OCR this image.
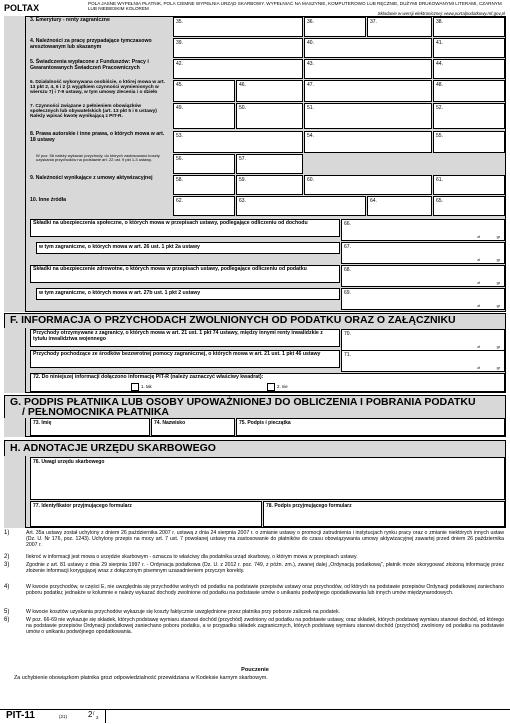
POLTAX	POLA JASNE WYPEŁNIA PŁATNIK, POLA CIEMNE WYPEŁNIA URZĄD SKARBOWY. WYPEŁNIAĆ NA MASZYNIE, KOMPUTEROWO LUB RĘCZNIE, DUŻYMI DRUKOWANYMI LITERAMI, CZARNYM LUB NIEBIESKIM KOLOREM
Składanie w wersji elektronicznej: www.portalpodatkowy.mf.gov.pl
3. Emerytury - renty zagraniczne	35.	36.	37.	38.
4. Należności za pracę przypadające tymczasowo aresztowanym lub skazanym
39.	40.	41.
5. Świadczenia wypłacone z Funduszów: Pracy i Gwarantowanych Świadczeń Pracowniczych
42.	43.	44.
6. Działalność wykonywana osobiście, o której mowa w art. 13 pkt 2, 4, 6 i 2 (z wyjątkiem czynności wymienionych w wierszu 7) i 7-9 ustawy, w tym umowy zlecenia i o dzieło
45.	46.	47.	48.
7. Czynności związane z pełnieniem obowiązków społecznych lub obywatelskich (art. 13 pkt 5 i 6 ustawy) Należy wpisać kwotę wynikającą z PIT-R.
49.	50.	51.	52.
8. Prawa autorskie i inne prawa, o których mowa w art. 18 ustawy
W poz. 56 należy wykazać przychody, do których zastosowano koszty uzyskania przychodów na podstawie art. 22 ust. 9 pkt 1-3 ustawy.
53.	54.	55.
56.	57.
9. Należności wynikające z umowy aktywizacyjnej	58.	59.	60.	61.
10. Inne źródła	62.	63.	64.	65.
Składki na ubezpieczenia społeczne, o których mowa w przepisach ustawy, podlegające odliczeniu od dochodu	66.
zł	gr
w tym zagraniczne, o których mowa w art. 26 ust. 1 pkt 2a ustawy	67.
zł	gr
Składki na ubezpieczenie zdrowotne, o których mowa w przepisach ustawy, podlegające odliczeniu od podatku	68.
zł	gr
w tym zagraniczne, o których mowa w art. 27b ust. 1 pkt 2 ustawy	69.
zł	gr
F. INFORMACJA O PRZYCHODACH ZWOLNIONYCH OD PODATKU ORAZ O ZAŁĄCZNIKU
Przychody otrzymywane z zagranicy, o których mowa w art. 21 ust. 1 pkt 74 ustawy, między innymi renty inwalidzkie z tytułu inwalidztwa wojennego
70.
zł	gr
Przychody pochodzące ze środków bezzwrotnej pomocy zagranicznej, o których mowa w art. 21 ust. 1 pkt 46 ustawy	71.
zł	gr
72. Do niniejszej informacji dołączono informację PIT-R (należy zaznaczyć właściwy kwadrat):
1. tak	2. nie
G. PODPIS PŁATNIKA LUB OSOBY UPOWAŻNIONEJ DO OBLICZENIA I POBRANIA PODATKU
/ PEŁNOMOCNIKA PŁATNIKA
73. Imię	74. Nazwisko	75. Podpis i pieczątka
H. ADNOTACJE URZĘDU SKARBOWEGO
76. Uwagi urzędu skarbowego
77. Identyfikator przyjmującego formularz	78. Podpis przyjmującego formularz
1)	Art. 35a ustawy został uchylony z dniem 26 października 2007 r. ustawą z dnia 24 sierpnia 2007 r. o zmianie ustawy o promocji zatrudnienia i instytucjach rynku pracy oraz o zmianie niektórych innych ustaw (Dz. U. Nr 176, poz. 1243). Uchylony przepis na mocy art. 7 ust. 7 powołanej ustawy ma zastosowanie do płatników do czasu obowiązywania umowy aktywizacyjnej zawartej przed dniem 26 października 2007 r.
2)	Ilekroć w informacji jest mowa o urzędzie skarbowym - oznacza to właściwy dla podatnika urząd skarbowy, o którym mowa w przepisach ustawy.
3)	Zgodnie z art. 81 ustawy z dnia 29 sierpnia 1997 r. - Ordynacja podatkowa (Dz. U. z 2012 r. poz. 749, z późn. zm.), zwanej dalej „Ordynacją podatkową", płatnik może skorygować złożoną informację przez złożenie informacji korygującej wraz z dołączonym pisemnym uzasadnieniem przyczyn korekty.
4)	W kwocie przychodów, w części E, nie uwzględnia się przychodów wolnych od podatku na podstawie przepisów ustawy oraz przychodów, od których na podstawie przepisów Ordynacji podatkowej zaniechano poboru podatku; jednakże w kolumnie e należy wykazać dochody zwolnione od podatku na podstawie umów o unikaniu podwójnego opodatkowania lub innych umów międzynarodowych.
5)	W kwocie kosztów uzyskania przychodów wykazuje się koszty faktycznie uwzględnione przez płatnika przy poborze zaliczek na podatek.
6)	W poz. 66-69 nie wykazuje się składek, których podstawę wymiaru stanowi dochód (przychód) zwolniony od podatku na podstawie ustawy, oraz składek, których podstawę wymiaru stanowi dochód, od którego na podstawie przepisów Ordynacji podatkowej zaniechano poboru podatku, a w przypadku składek zagranicznych, których podstawę wymiaru stanowi dochód (przychód) zwolniony od podatku na podstawie umów o unikaniu podwójnego opodatkowania.
Pouczenie
Za uchybienie obowiązkom płatnika grozi odpowiedzialność przewidziana w Kodeksie karnym skarbowym.
PIT-11	(21)	2 2
/
